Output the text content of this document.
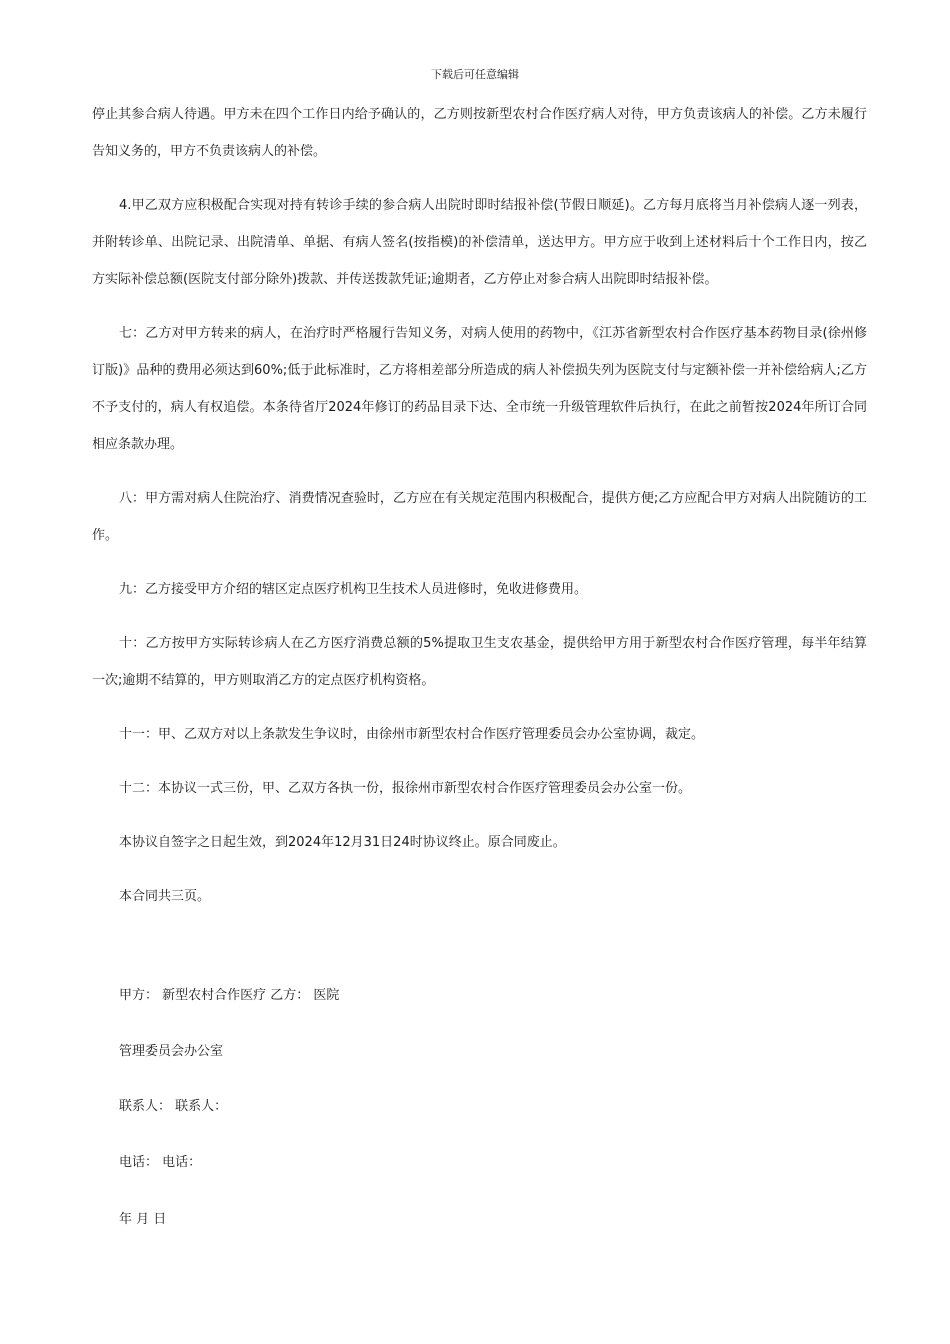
下载后可任意编辑

停止其参合病人待遇。甲方未在四个工作日内给予确认的，乙方则按新型农村合作医疗病人对待，甲方负责该病人的补偿。乙方未履行告知义务的，甲方不负责该病人的补偿。

4.甲乙双方应积极配合实现对持有转诊手续的参合病人出院时即时结报补偿(节假日顺延)。乙方每月底将当月补偿病人逐一列表，并附转诊单、出院记录、出院清单、单据、有病人签名(按指模)的补偿清单，送达甲方。甲方应于收到上述材料后十个工作日内，按乙方实际补偿总额(医院支付部分除外)拨款、并传送拨款凭证;逾期者，乙方停止对参合病人出院即时结报补偿。

七：乙方对甲方转来的病人，在治疗时严格履行告知义务，对病人使用的药物中，《江苏省新型农村合作医疗基本药物目录(徐州修订版)》品种的费用必须达到60%;低于此标准时，乙方将相差部分所造成的病人补偿损失列为医院支付与定额补偿一并补偿给病人;乙方不予支付的，病人有权追偿。本条待省厅2024年修订的药品目录下达、全市统一升级管理软件后执行，在此之前暂按2024年所订合同相应条款办理。

八：甲方需对病人住院治疗、消费情况查验时，乙方应在有关规定范围内积极配合，提供方便;乙方应配合甲方对病人出院随访的工作。

九：乙方接受甲方介绍的辖区定点医疗机构卫生技术人员进修时，免收进修费用。

十：乙方按甲方实际转诊病人在乙方医疗消费总额的5%提取卫生支农基金，提供给甲方用于新型农村合作医疗管理，每半年结算一次;逾期不结算的，甲方则取消乙方的定点医疗机构资格。

十一：甲、乙双方对以上条款发生争议时，由徐州市新型农村合作医疗管理委员会办公室协调，裁定。

十二：本协议一式三份，甲、乙双方各执一份，报徐州市新型农村合作医疗管理委员会办公室一份。

本协议自签字之日起生效，到2024年12月31日24时协议终止。原合同废止。

本合同共三页。

甲方： 新型农村合作医疗 乙方： 医院
管理委员会办公室
联系人： 联系人：
电话： 电话：
年 月 日
